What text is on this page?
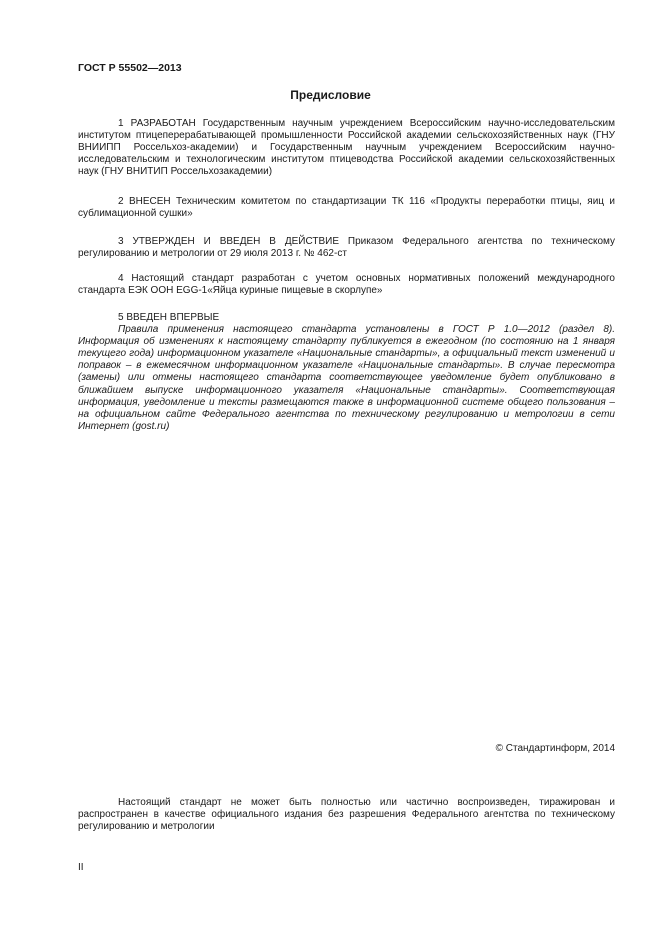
ГОСТ Р 55502—2013
Предисловие

1 РАЗРАБОТАН Государственным научным учреждением Всероссийским научно-исследовательским институтом птицеперерабатывающей промышленности Российской академии сельскохозяйственных наук (ГНУ ВНИИПП Россельхоз-академии) и Государственным научным учреждением Всероссийским научно-исследовательским и технологическим институтом птицеводства Российской академии сельскохозяйственных наук (ГНУ ВНИТИП Россельхозакадемии)

2 ВНЕСЕН Техническим комитетом по стандартизации ТК 116 «Продукты переработки птицы, яиц и сублимационной сушки»

3 УТВЕРЖДЕН И ВВЕДЕН В ДЕЙСТВИЕ Приказом Федерального агентства по техническому регулированию и метрологии от 29 июля 2013 г. № 462-ст

4 Настоящий стандарт разработан с учетом основных нормативных положений международного стандарта ЕЭК ООН EGG-1«Яйца куриные пищевые в скорлупе»

5 ВВЕДЕН ВПЕРВЫЕ

Правила применения настоящего стандарта установлены в ГОСТ Р 1.0—2012 (раздел 8). Информация об изменениях к настоящему стандарту публикуется в ежегодном (по состоянию на 1 января текущего года) информационном указателе «Национальные стандарты», а официальный текст изменений и поправок – в ежемесячном информационном указателе «Национальные стандарты». В случае пересмотра (замены) или отмены настоящего стандарта соответствующее уведомление будет опубликовано в ближайшем выпуске информационного указателя «Национальные стандарты». Соответствующая информация, уведомление и тексты размещаются также в информационной системе общего пользования – на официальном сайте Федерального агентства по техническому регулированию и метрологии в сети Интернет (gost.ru)

© Стандартинформ, 2014

Настоящий стандарт не может быть полностью или частично воспроизведен, тиражирован и распространен в качестве официального издания без разрешения Федерального агентства по техническому регулированию и метрологии

II
